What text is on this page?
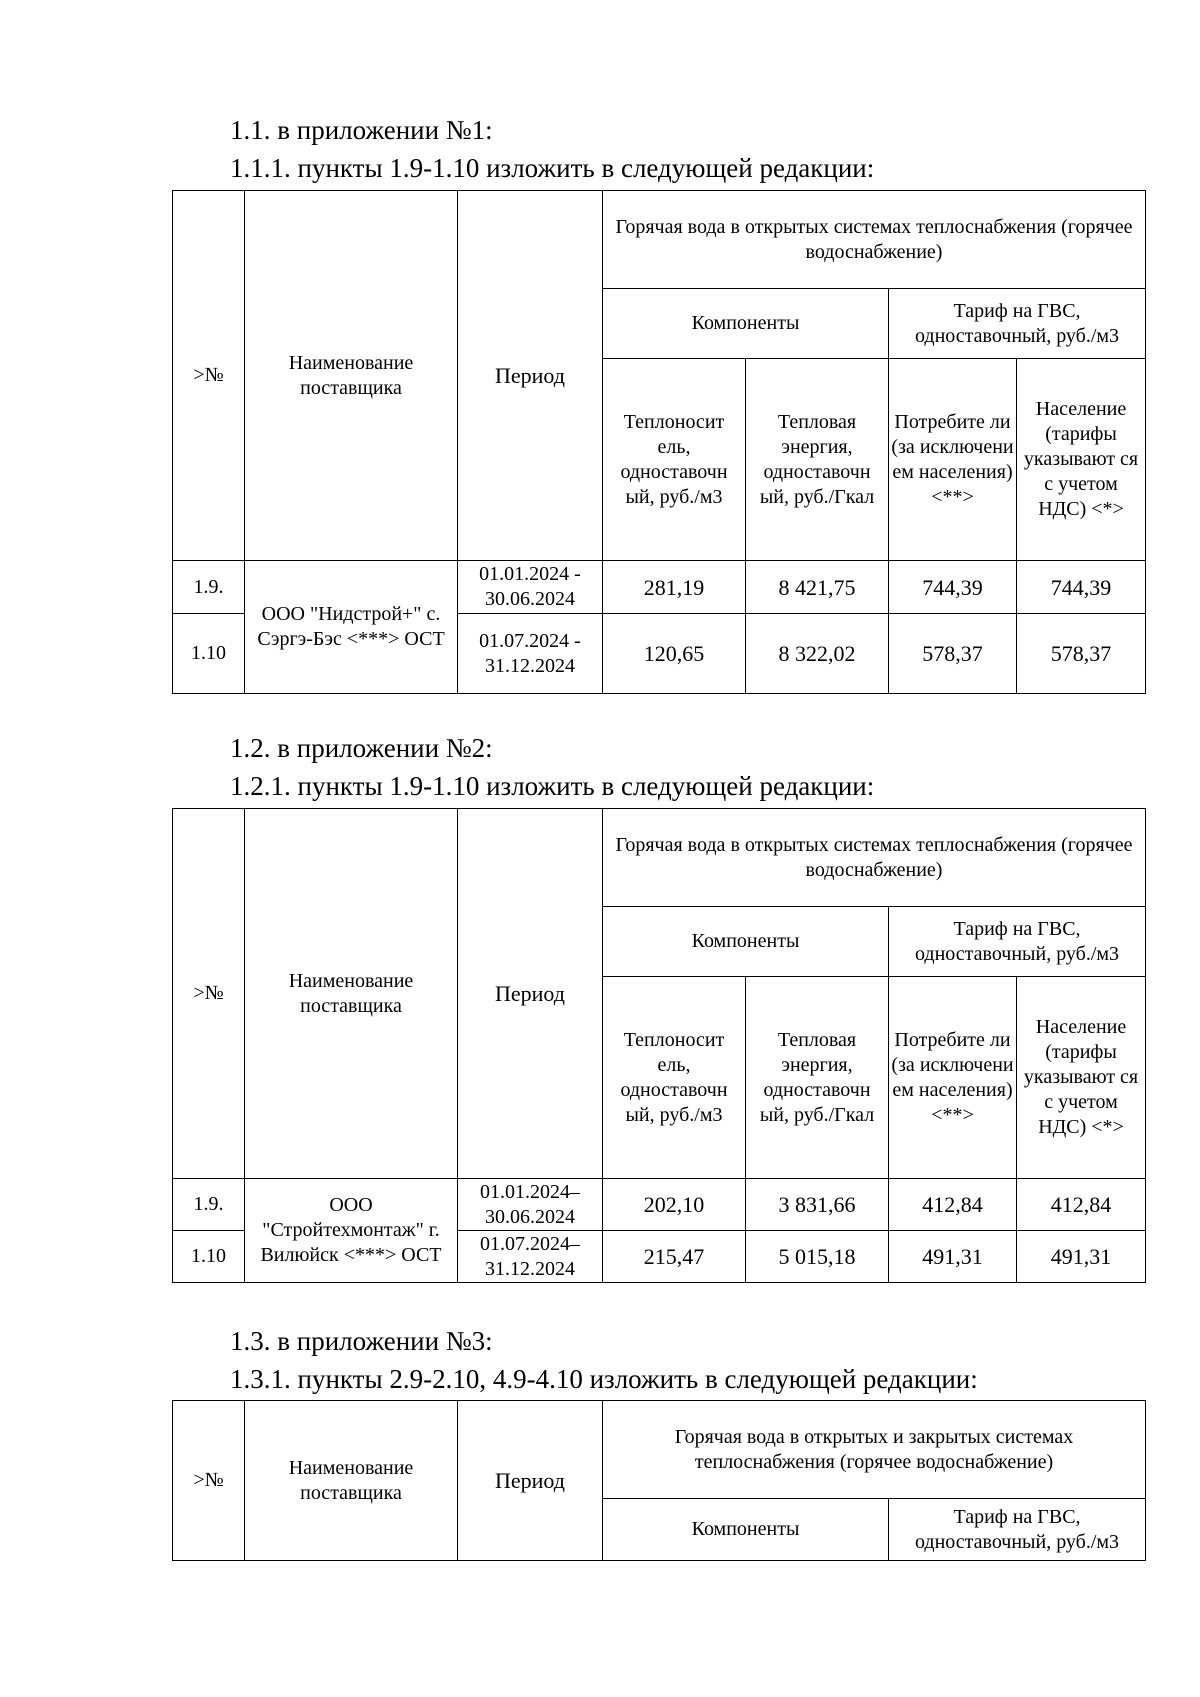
1.1. в приложении №1:
1.1.1. пункты 1.9-1.10 изложить в следующей редакции:
>№	Наименование поставщика	Период	Горячая вода в открытых системах теплоснабжения (горячее водоснабжение)			
			Компоненты		Тариф на ГВС, одноставочный, руб./м3	
			Теплоносит ель, одноставочн ый, руб./м3	Тепловая энергия, одноставочн ый, руб./Гкал	Потребите ли (за исключени ем населения) <**>	Население (тарифы указывают ся с учетом НДС) <*>
1.9.	ООО "Нидстрой+" с. Сэргэ-Бэс <***> ОСТ	01.01.2024 - 30.06.2024	281,19	8 421,75	744,39	744,39
1.10		01.07.2024 - 31.12.2024	120,65	8 322,02	578,37	578,37
1.2. в приложении №2:
1.2.1. пункты 1.9-1.10 изложить в следующей редакции:
>№	Наименование поставщика	Период	Горячая вода в открытых системах теплоснабжения (горячее водоснабжение)			
			Компоненты		Тариф на ГВС, одноставочный, руб./м3	
			Теплоносит ель, одноставочн ый, руб./м3	Тепловая энергия, одноставочн ый, руб./Гкал	Потребите ли (за исключени ем населения) <**>	Население (тарифы указывают ся с учетом НДС) <*>
1.9.	ООО "Стройтехмонтаж" г. Вилюйск <***> ОСТ	01.01.2024– 30.06.2024	202,10	3 831,66	412,84	412,84
1.10		01.07.2024– 31.12.2024	215,47	5 015,18	491,31	491,31
1.3. в приложении №3:
1.3.1. пункты 2.9-2.10, 4.9-4.10 изложить в следующей редакции:
>№	Наименование поставщика	Период	Горячая вода в открытых и закрытых системах теплоснабжения (горячее водоснабжение)	
			Компоненты	Тариф на ГВС, одноставочный, руб./м3
